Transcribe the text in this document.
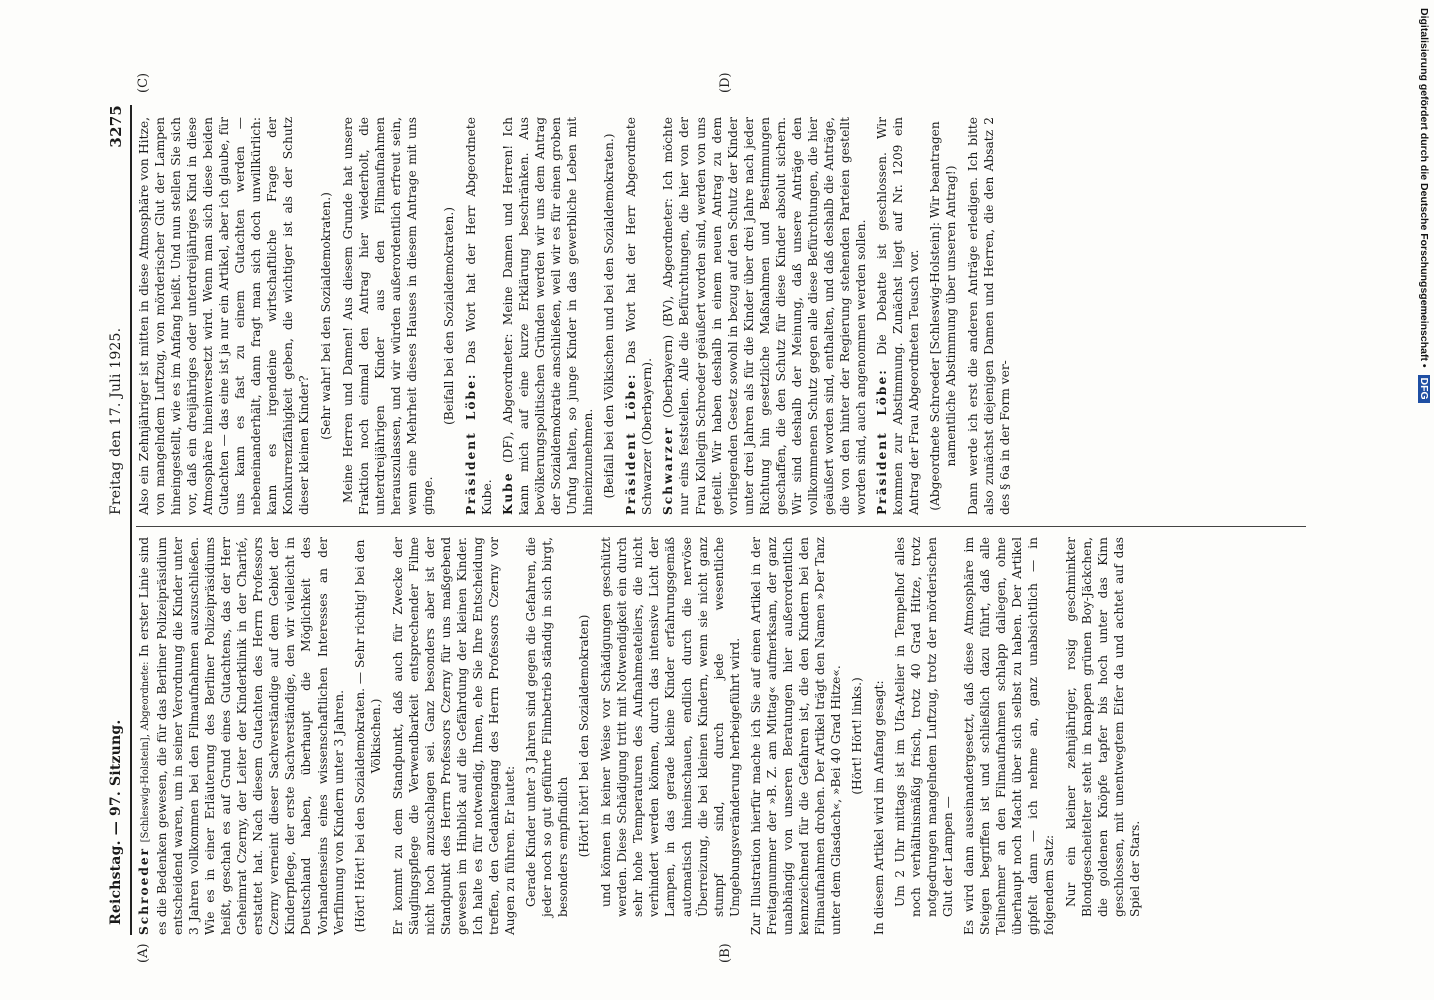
Reichstag. — 97. Sitzung.
Freitag den 17. Juli 1925.
3275
(A)	(B)
(C)	(D)

Schroeder [Schleswig-Holstein], Abgeordnete: In erster Linie sind es die Bedenken gewesen, die für das Berliner Polizeipräsidium entscheidend waren, um in seiner Verordnung die Kinder unter 3 Jahren vollkommen bei den Filmaufnahmen auszuschließen. Wie es in einer Erläuterung des Berliner Polizeipräsidiums heißt, geschah es auf Grund eines Gutachtens, das der Herr Geheimrat Czerny, der Leiter der Kinderklinik in der Charité, erstattet hat. Nach diesem Gutachten des Herrn Professors Czerny verneint dieser Sachverständige auf dem Gebiet der Kinderpflege, der erste Sachverständige, den wir vielleicht in Deutschland haben, überhaupt die Möglichkeit des Vorhandenseins eines wissenschaftlichen Interesses an der Verfilmung von Kindern unter 3 Jahren. (Hört! Hört! bei den Sozialdemokraten. — Sehr richtig! bei den Völkischen.) Er kommt zu dem Standpunkt, daß auch für Zwecke der Säuglingspflege die Verwendbarkeit entsprechender Filme nicht hoch anzuschlagen sei. Ganz besonders aber ist der Standpunkt des Herrn Professors Czerny für uns maßgebend gewesen im Hinblick auf die Gefährdung der kleinen Kinder. Ich halte es für notwendig, Ihnen, ehe Sie Ihre Entscheidung treffen, den Gedankengang des Herrn Professors Czerny vor Augen zu führen. Er lautet: Gerade Kinder unter 3 Jahren sind gegen die Gefahren, die jeder noch so gut geführte Filmbetrieb ständig in sich birgt, besonders empfindlich (Hört! hört! bei den Sozialdemokraten) und können in keiner Weise vor Schädigungen geschützt werden. Diese Schädigung tritt mit Notwendigkeit ein durch sehr hohe Temperaturen des Aufnahmeateliers, die nicht verhindert werden können, durch das intensive Licht der Lampen, in das gerade kleine Kinder erfahrungsgemäß automatisch hineinschauen, endlich durch die nervöse Überreizung, die bei kleinen Kindern, wenn sie nicht ganz stumpf sind, durch jede wesentliche Umgebungsveränderung herbeigeführt wird. Zur Illustration hierfür mache ich Sie auf einen Artikel in der Freitagnummer der »B. Z. am Mittag« aufmerksam, der ganz unabhängig von unseren Beratungen hier außerordentlich kennzeichnend für die Gefahren ist, die den Kindern bei den Filmaufnahmen drohen. Der Artikel trägt den Namen »Der Tanz unter dem Glasdach«, »Bei 40 Grad Hitze«. (Hört! Hört! links.) In diesem Artikel wird im Anfang gesagt: Um 2 Uhr mittags ist im Ufa-Atelier in Tempelhof alles noch verhältnismäßig frisch, trotz 40 Grad Hitze, trotz notgedrungen mangelndem Luftzug, trotz der mörderischen Glut der Lampen — Es wird dann auseinandergesetzt, daß diese Atmosphäre im Steigen begriffen ist und schließlich dazu führt, daß alle Teilnehmer an den Filmaufnahmen schlapp daliegen, ohne überhaupt noch Macht über sich selbst zu haben. Der Artikel gipfelt dann — ich nehme an, ganz unabsichtlich — in folgendem Satz: Nur ein kleiner zehnjähriger, rosig geschminkter Blondgescheitelter steht in knappen grünen Boy-Jäckchen, die goldenen Knöpfe tapfer bis hoch unter das Kinn geschlossen, mit unentwegtem Eifer da und achtet auf das Spiel der Stars.

Also ein Zehnjähriger ist mitten in diese Atmosphäre von Hitze, von mangelndem Luftzug, von mörderischer Glut der Lampen hineingestellt, wie es im Anfang heißt. Und nun stellen Sie sich vor, daß ein dreijähriges oder unterdreijähriges Kind in diese Atmosphäre hineinversetzt wird. Wenn man sich diese beiden Gutachten — das eine ist ja nur ein Artikel, aber ich glaube, für uns kann es fast zu einem Gutachten werden — nebeneinanderhält, dann fragt man sich doch unwillkürlich: kann es irgendeine wirtschaftliche Frage der Konkurrenzfähigkeit geben, die wichtiger ist als der Schutz dieser kleinen Kinder?

(Sehr wahr! bei den Sozialdemokraten.) Meine Herren und Damen! Aus diesem Grunde hat unsere Fraktion noch einmal den Antrag hier wiederholt, die unterdreijährigen Kinder aus den Filmaufnahmen herauszulassen, und wir würden außerordentlich erfreut sein, wenn eine Mehrheit dieses Hauses in diesem Antrage mit uns ginge.

(Beifall bei den Sozialdemokraten.)

Präsident Löbe: Das Wort hat der Herr Abgeordnete Kube. Kube (DF), Abgeordneter: Meine Damen und Herren! Ich kann mich auf eine kurze Erklärung beschränken. Aus bevölkerungspolitischen Gründen werden wir uns dem Antrag der Sozialdemokratie anschließen, weil wir es für einen groben Unfug halten, so junge Kinder in das gewerbliche Leben mit hineinzunehmen. (Beifall bei den Völkischen und bei den Sozialdemokraten.) Präsident Löbe: Das Wort hat der Herr Abgeordnete Schwarzer (Oberbayern). Schwarzer (Oberbayern) (BV), Abgeordneter: Ich möchte nur eins feststellen. Alle die Befürchtungen, die hier von der Frau Kollegin Schroeder geäußert worden sind, werden von uns geteilt. Wir haben deshalb in einem neuen Antrag zu dem vorliegenden Gesetz sowohl in bezug auf den Schutz der Kinder unter drei Jahren als für die Kinder über drei Jahre nach jeder Richtung hin gesetzliche Maßnahmen und Bestimmungen geschaffen, die den Schutz für diese Kinder absolut sichern. Wir sind deshalb der Meinung, daß unsere Anträge den vollkommenen Schutz gegen alle diese Befürchtungen, die hier geäußert worden sind, enthalten, und daß deshalb die Anträge, die von den hinter der Regierung stehenden Parteien gestellt worden sind, auch angenommen werden sollen. Präsident Löbe: Die Debatte ist geschlossen. Wir kommen zur Abstimmung. Zunächst liegt auf Nr. 1209 ein Antrag der Frau Abgeordneten Teusch vor. (Abgeordnete Schroeder [Schleswig-Holstein]: Wir beantragen namentliche Abstimmung über unseren Antrag!) Dann werde ich erst die anderen Anträge erledigen. Ich bitte also zunächst diejenigen Damen und Herren, die den Absatz 2 des § 6a in der Form ver-

Digitalisierung gefördert durch die Deutsche Forschungsgemeinschaft • DFG
